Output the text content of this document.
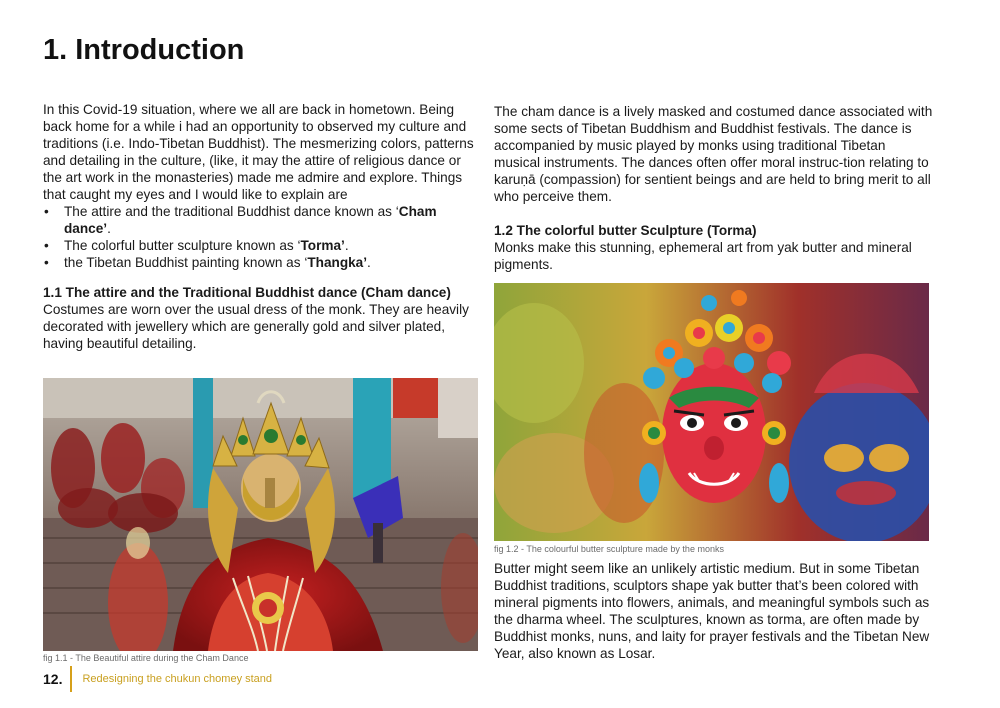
1. Introduction

In this Covid-19 situation, where we all are back in hometown. Being back home for a while i had an opportunity to observed my culture and traditions (i.e. Indo-Tibetan Buddhist). The mesmerizing colors, patterns and detailing in the culture, (like, it may the attire of religious dance or the art work in the monasteries) made me admire and explore. Things that caught my eyes and I would like to explain are

• The attire and the traditional Buddhist dance known as ‘Cham dance’.
• The colorful butter sculpture known as ‘Torma’.
• the Tibetan Buddhist painting known as ‘Thangka’.

1.1 The attire and the Traditional Buddhist dance (Cham dance)

Costumes are worn over the usual dress of the monk. They are heavily decorated with jewellery which are generally gold and silver plated, having beautiful detailing.

fig 1.1 - The Beautiful attire during the Cham Dance

The cham dance is a lively masked and costumed dance associated with some sects of Tibetan Buddhism and Buddhist festivals. The dance is accompanied by music played by monks using traditional Tibetan musical instruments. The dances often offer moral instruc-tion relating to karuṇā (compassion) for sentient beings and are held to bring merit to all who perceive them.

1.2 The colorful butter Sculpture (Torma)

Monks make this stunning, ephemeral art from yak butter and mineral pigments.

fig 1.2 - The colourful butter sculpture made by the monks

Butter might seem like an unlikely artistic medium. But in some Tibetan Buddhist traditions, sculptors shape yak butter that’s been colored with mineral pigments into flowers, animals, and meaningful symbols such as the dharma wheel. The sculptures, known as torma, are often made by Buddhist monks, nuns, and laity for prayer festivals and the Tibetan New Year, also known as Losar.

12. Redesigning the chukun chomey stand
